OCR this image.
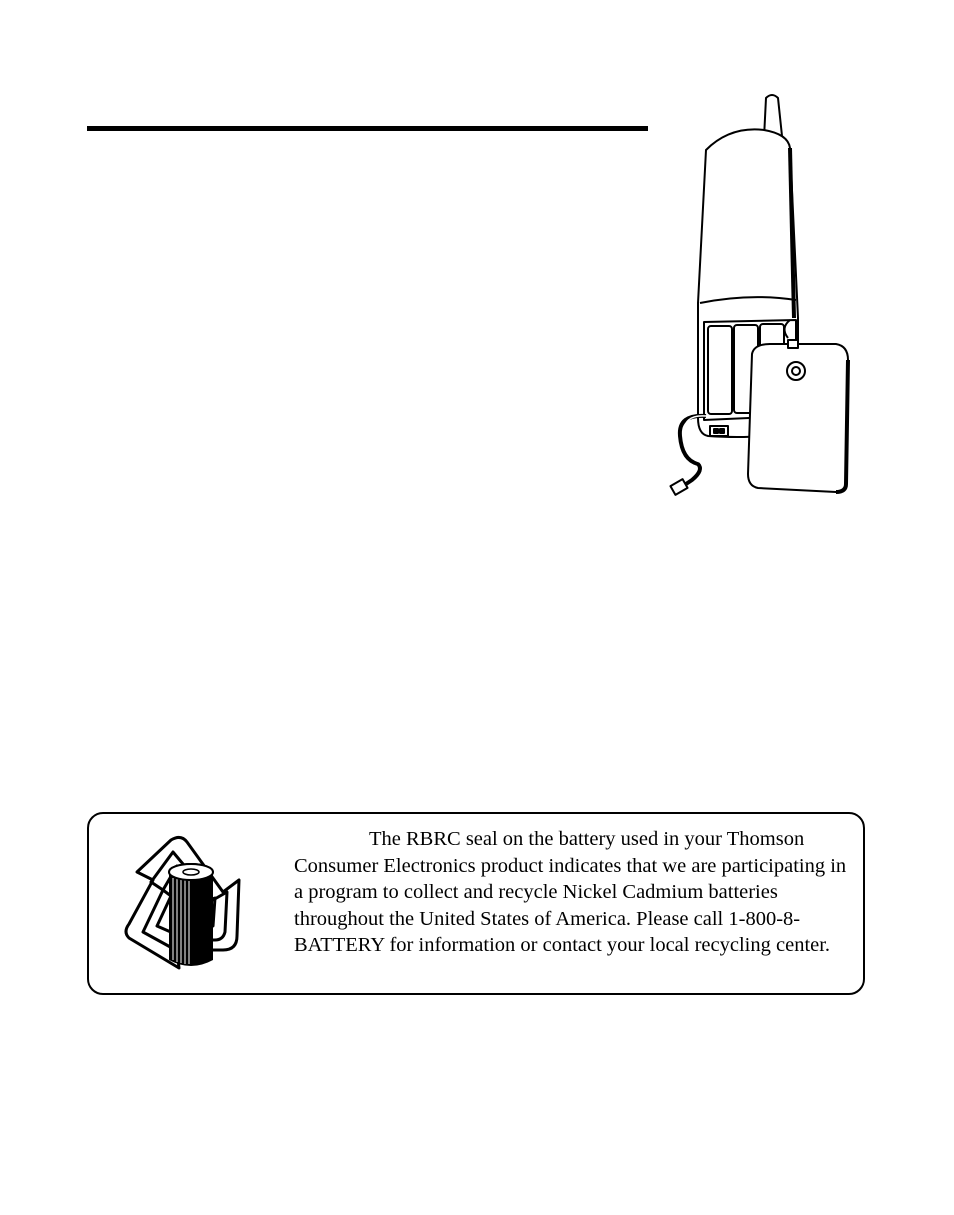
The RBRC seal on the battery used in your Thomson Consumer Electronics product indicates that we are participating in a program to collect and recycle Nickel Cadmium batteries throughout the United States of America. Please call 1-800-8-BATTERY for information or contact your local recycling center.
